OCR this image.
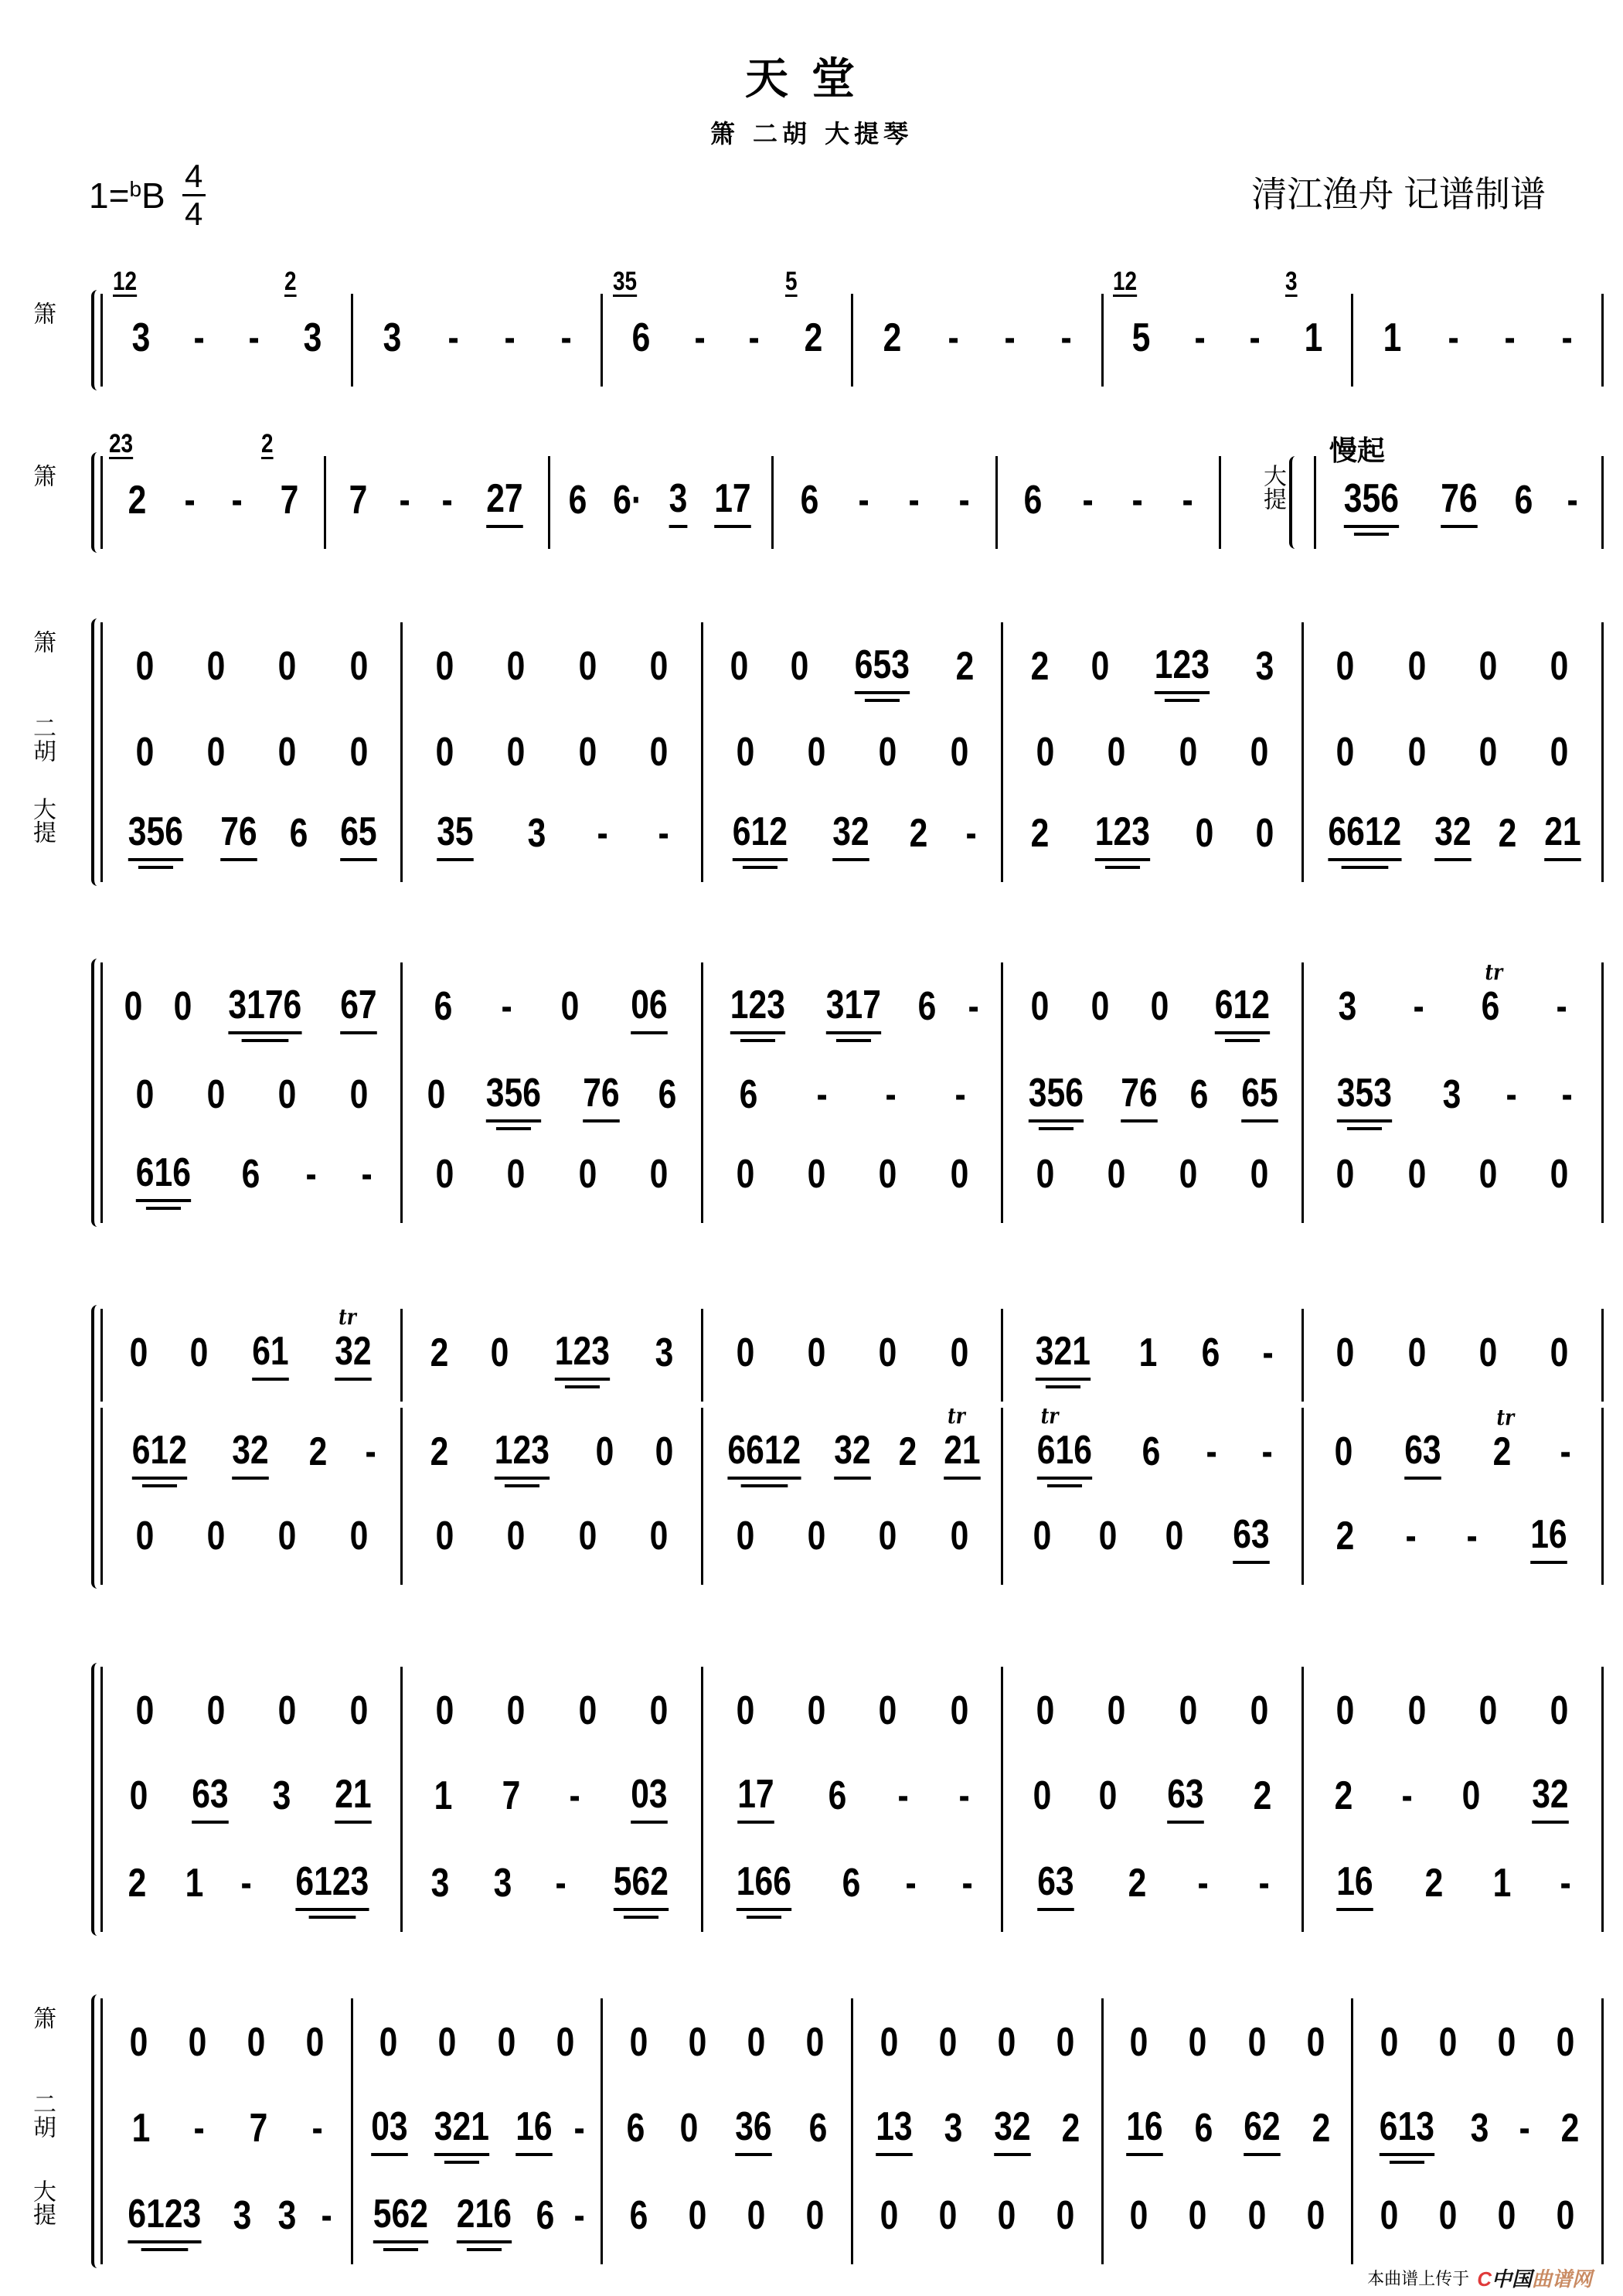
天堂
箫 二胡 大提琴
1=$^b$ B 4
4	清江渔舟 记谱制谱
箫
3
12
- - 3
2
3 - - - 6
35
- - 2
5
2 - - - 5
12
- - 1
3
1 - - -
箫
2
23
- - 7
2
7 - - 27 6 6· 3 17 6 - - - 6 - - -	大提
慢起
356 76 6 -
箫
0 0 0 0 0 0 0 0 0 0 653 2 2 0 123 3 0 0 0 0
二胡 0 0 0 0 0 0 0 0 0 0 0 0 0 0 0 0 0 0 0 0
大提 356 76 6 65 35 3 - - 612 32 2 - 2 123 0 0 6612 32 2 21
0 0 3176 67 6 - 0 06 123 317 6 - 0 0 0 612 3 - 6
tr
-
0 0 0 0 0 356 76 6 6 - - - 356 76 6 65 353 3 - -
616 6 - - 0 0 0 0 0 0 0 0 0 0 0 0 0 0 0 0
0 0 61 32
tr
2 0 123 3 0 0 0 0 321 1 6 - 0 0 0 0
612 32 2 - 2 123 0 0 6612 32 2 21
tr
616
tr
6 - - 0 63 2
tr
-
0 0 0 0 0 0 0 0 0 0 0 0 0 0 0 63 2 - - 16
0 0 0 0 0 0 0 0 0 0 0 0 0 0 0 0 0 0 0 0
0 63 3 21 1 7 - 03 17 6 - - 0 0 63 2 2 - 0 32
2 1 - 6123 3 3 - 562 166 6 - - 63 2 - - 16 2 1 -
箫
0 0 0 0 0 0 0 0 0 0 0 0 0 0 0 0 0 0 0 0 0 0 0 0
二胡 1 - 7 - 03 321 16 - 6 0 36 6 13 3 32 2 16 6 62 2 613 3 - 2
大提 6123 3 3 - 562 216 6 - 6 0 0 0 0 0 0 0 0 0 0 0 0 0 0 0
本曲谱上传于 C中国曲谱网
